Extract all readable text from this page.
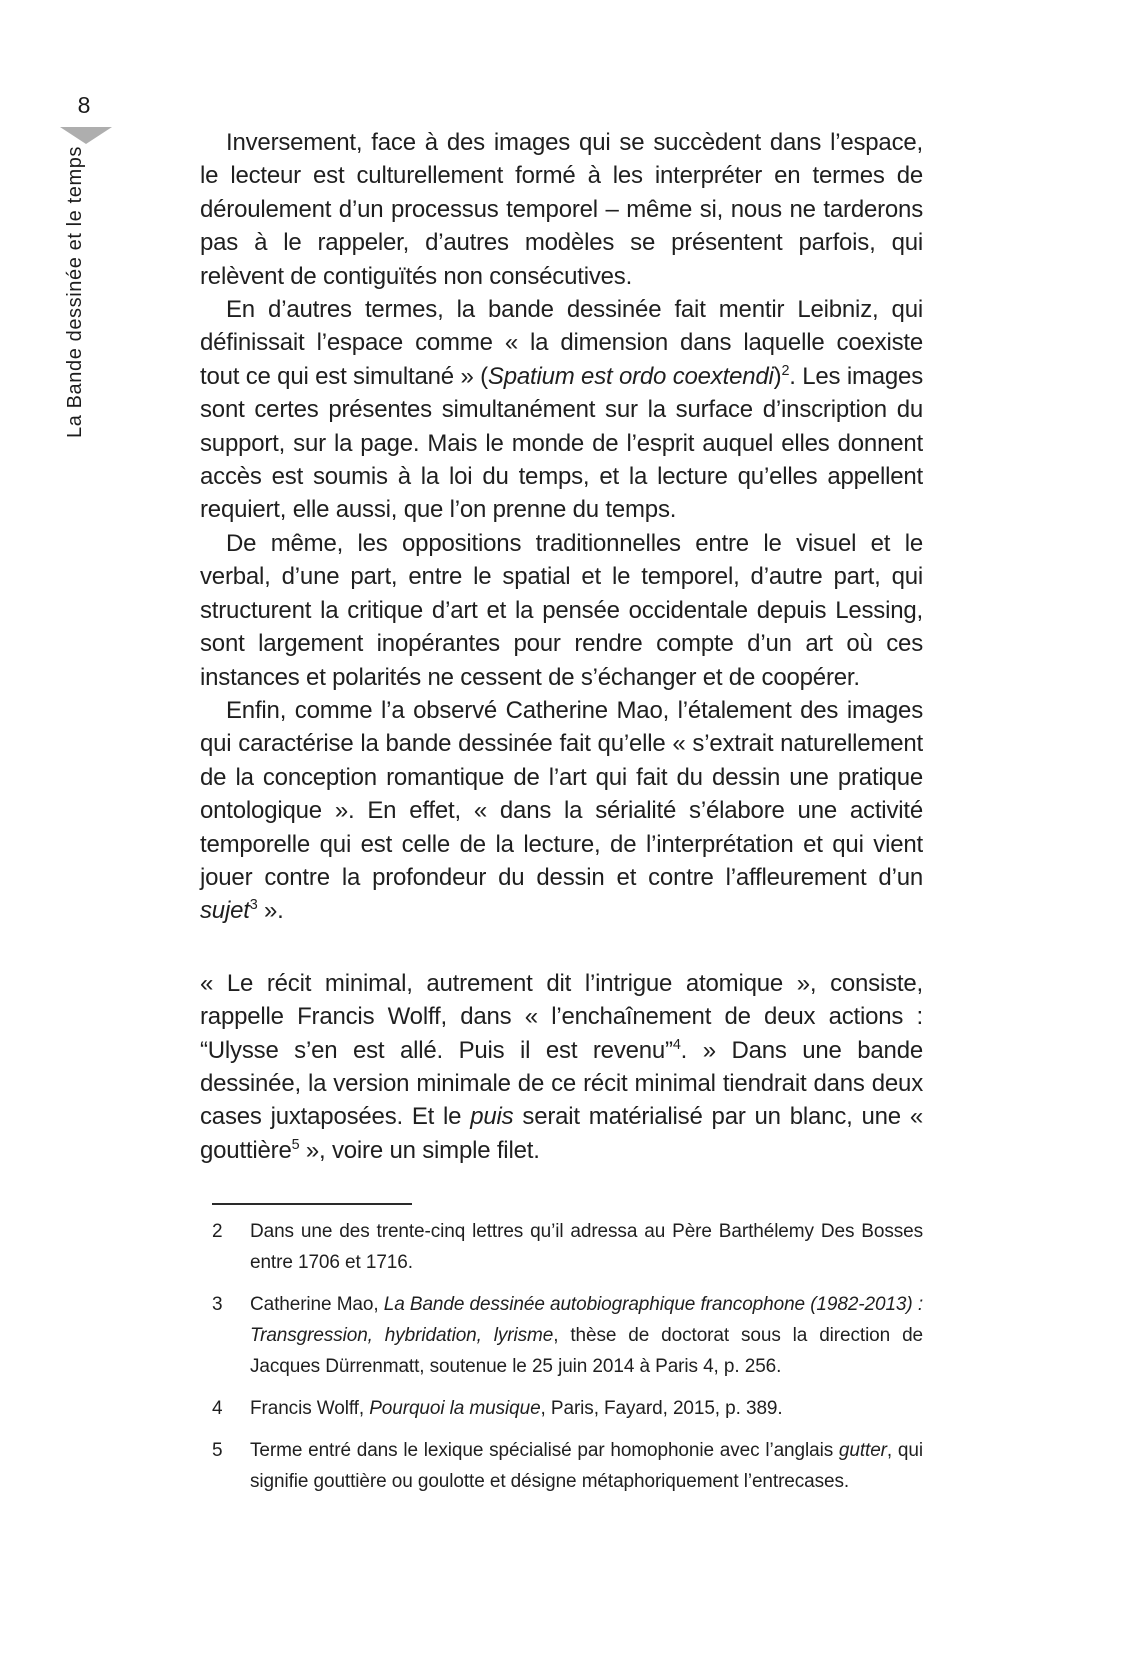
8
La Bande dessinée et le temps

Inversement, face à des images qui se succèdent dans l’espace, le lecteur est culturellement formé à les interpréter en termes de déroulement d’un processus temporel – même si, nous ne tarderons pas à le rappeler, d’autres modèles se présentent parfois, qui relèvent de contiguïtés non consécutives.

En d’autres termes, la bande dessinée fait mentir Leibniz, qui définissait l’espace comme « la dimension dans laquelle coexiste tout ce qui est simultané » (Spatium est ordo coextendi)$^2$. Les images sont certes présentes simultanément sur la surface d’inscription du support, sur la page. Mais le monde de l’esprit auquel elles donnent accès est soumis à la loi du temps, et la lecture qu’elles appellent requiert, elle aussi, que l’on prenne du temps.

De même, les oppositions traditionnelles entre le visuel et le verbal, d’une part, entre le spatial et le temporel, d’autre part, qui structurent la critique d’art et la pensée occidentale depuis Lessing, sont largement inopérantes pour rendre compte d’un art où ces instances et polarités ne cessent de s’échanger et de coopérer.

Enfin, comme l’a observé Catherine Mao, l’étalement des images qui caractérise la bande dessinée fait qu’elle « s’extrait naturellement de la conception romantique de l’art qui fait du dessin une pratique ontologique ». En effet, « dans la sérialité s’élabore une activité temporelle qui est celle de la lecture, de l’interprétation et qui vient jouer contre la profondeur du dessin et contre l’affleurement d’un sujet$^3$ ».

« Le récit minimal, autrement dit l’intrigue atomique », consiste, rappelle Francis Wolff, dans « l’enchaînement de deux actions : “Ulysse s’en est allé. Puis il est revenu”$^4$. » Dans une bande dessinée, la version minimale de ce récit minimal tiendrait dans deux cases juxtaposées. Et le puis serait matérialisé par un blanc, une « gouttière$^5$ », voire un simple filet.

2	Dans une des trente-cinq lettres qu’il adressa au Père Barthélemy Des Bosses entre 1706 et 1716.
3	Catherine Mao, La Bande dessinée autobiographique francophone (1982-2013) : Transgression, hybridation, lyrisme, thèse de doctorat sous la direction de Jacques Dürrenmatt, soutenue le 25 juin 2014 à Paris 4, p. 256.
4	Francis Wolff, Pourquoi la musique, Paris, Fayard, 2015, p. 389.
5	Terme entré dans le lexique spécialisé par homophonie avec l’anglais gutter, qui signifie gouttière ou goulotte et désigne métaphoriquement l’entrecases.
